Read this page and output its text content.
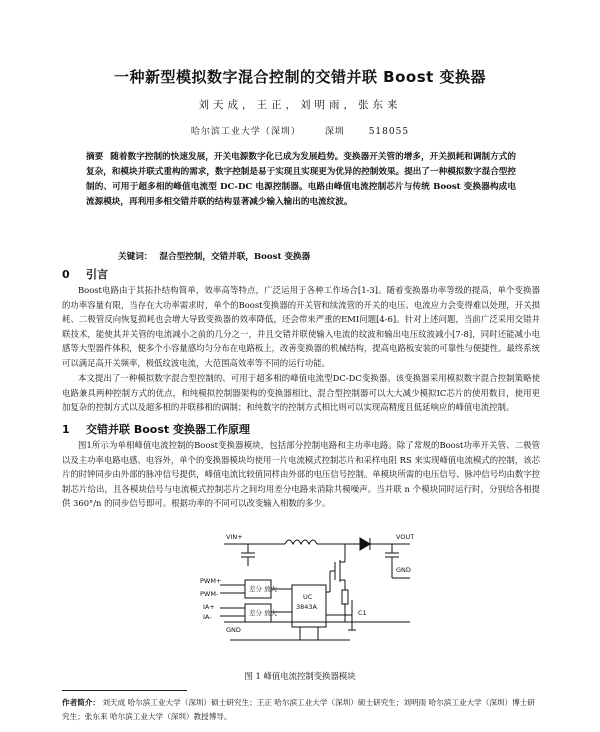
一种新型模拟数字混合控制的交错并联 Boost 变换器
刘天成，王正，刘明雨，张东来
哈尔滨工业大学（深圳）	深圳	518055
摘要 随着数字控制的快速发展，开关电源数字化已成为发展趋势。变换器开关管的增多，开关损耗和调制方式的复杂，和模块并联式重构的需求，数字控制是易于实现且实现更为优异的控制效果。提出了一种模拟数字混合型控制的、可用于超多相的峰值电流型 DC-DC 电源控制器。电路由峰值电流控制芯片与传统 Boost 变换器构成电流源模块，再利用多相交错并联的结构显著减少输入输出的电流纹波。
关键词： 混合型控制，交错并联，Boost 变换器
0 引言
Boost电路由于其拓扑结构简单，效率高等特点，广泛运用于各种工作场合[1-3]。随着变换器功率等级的提高，单个变换器的功率容量有限，当存在大功率需求时，单个的Boost变换器的开关管和续流管的开关的电压、电流应力会变得难以处理，开关损耗、二极管反向恢复损耗也会增大导致变换器的效率降低，还会带来严重的EMI问题[4-6]。针对上述问题，当前广泛采用交错并联技术，能使其并关管的电流减小之前的几分之一，并且交错并联使输入电流的纹波和输出电压纹波减小[7-8]，同时还能减小电感等大型器件体积，便多个小容量感均匀分布在电路板上，改善变换器的机械结构，提高电路板安装的可靠性与便捷性。最终系统可以满足高开关频率，极低纹波电流，大范围高效率等不同的运行功能。
本文提出了一种模拟数字混合型控制的、可用于超多相的峰值电流型DC-DC变换器。该变换器采用模拟数字混合控制策略使电路兼具两种控制方式的优点，和纯模拟控制器架构的变换器相比，混合型控制器可以大大减少模拟IC芯片的使用数目，使用更加复杂的控制方式以及超多相的并联移相的调制；和纯数字的控制方式相比则可以实现高精度且低延响应的峰值电流控制。
1 交错并联 Boost 变换器工作原理
图1所示为单相峰值电流控制的Boost变换器模块，包括部分控制电路和主功率电路。除了常规的Boost功率开关管、二极管以及主功率电路电感、电容外，单个的变换器模块均使用一片电流模式控制芯片和采样电阻 RS 来实现峰值电流模式的控制，该芯片的时钟同步由外部的脉冲信号提供，峰值电流比较值同样由外部的电压信号控制。单模块所需的电压信号、脉冲信号均由数字控制芯片给出，且各模块信号与电流模式控制芯片之间均用差分电路来消除共模噪声。当并联 n 个模块同时运行时，分别给各相提供 360°/n 的同步信号即可。根据功率的不同可以改变输入相数的多少。
VIN+	VOUT
GND
GND
PWM+
PWM-
IA+
IA-
差分 放大
差分 放大
UC
3843A
C1
图 1 峰值电流控制变换器模块
作者简介： 刘天成 哈尔滨工业大学（深圳）硕士研究生；王正 哈尔滨工业大学（深圳）硕士研究生；刘明雨 哈尔滨工业大学（深圳）博士研究生；张东来 哈尔滨工业大学（深圳）教授博导。
